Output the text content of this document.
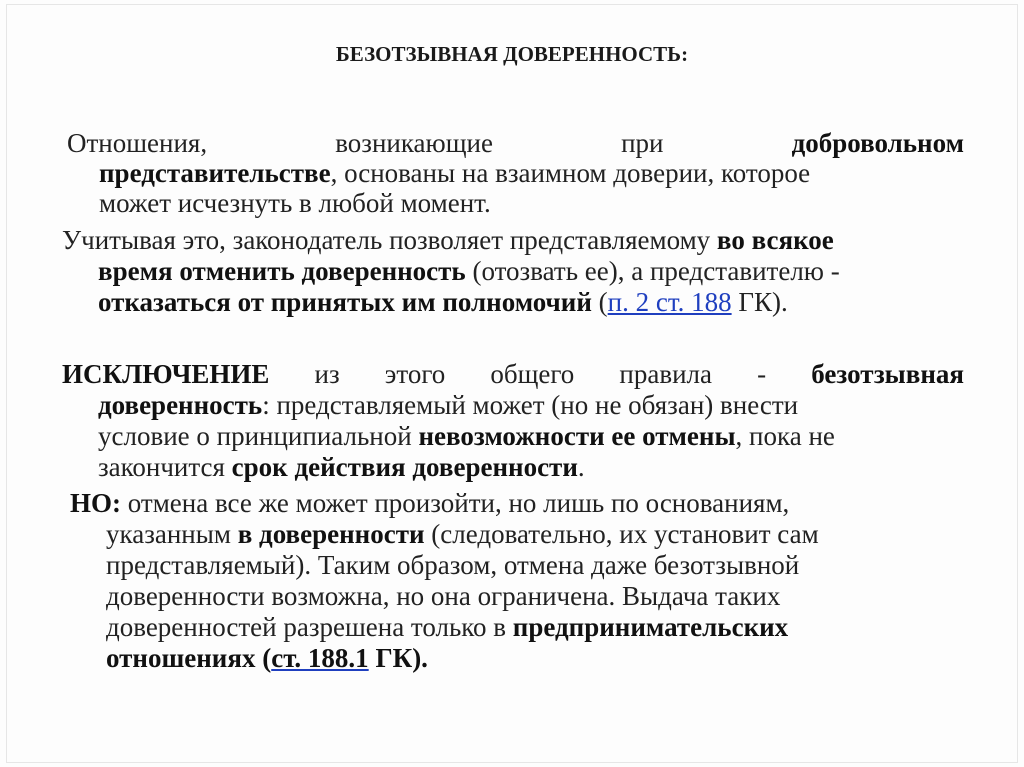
БЕЗОТЗЫВНАЯ ДОВЕРЕННОСТЬ:

Отношения,	возникающие	при	добровольном
представительстве, основаны на взаимном доверии, которое
может исчезнуть в любой момент.

Учитывая это, законодатель позволяет представляемому во всякое
время отменить доверенность (отозвать ее), а представителю -
отказаться от принятых им полномочий (п. 2 ст. 188 ГК).

ИСКЛЮЧЕНИЕ из этого общего правила - безотзывная
доверенность: представляемый может (но не обязан) внести
условие о принципиальной невозможности ее отмены, пока не
закончится срок действия доверенности.

НО: отмена все же может произойти, но лишь по основаниям,
указанным в доверенности (следовательно, их установит сам
представляемый). Таким образом, отмена даже безотзывной
доверенности возможна, но она ограничена. Выдача таких
доверенностей разрешена только в предпринимательских
отношениях (ст. 188.1 ГК).
